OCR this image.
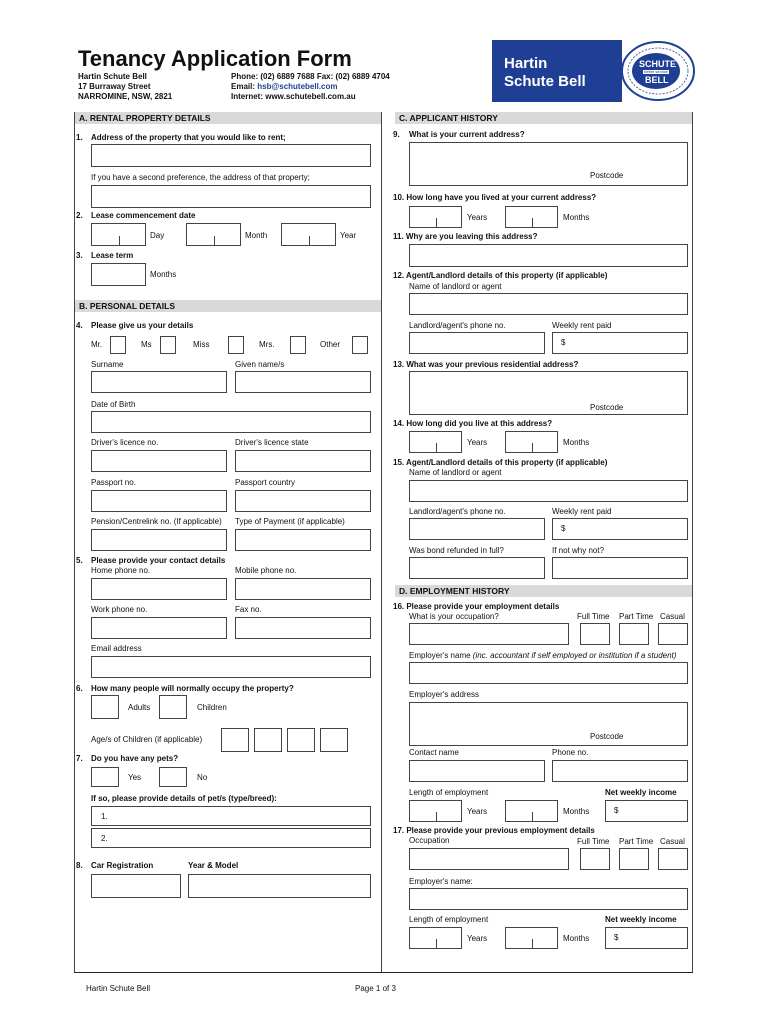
Tenancy Application Form
Hartin Schute Bell
17 Burraway Street
NARROMINE, NSW, 2821
Phone: (02) 6889 7688 Fax: (02) 6889 4704
Email: hsb@schutebell.com
Internet: www.schutebell.com.au
Hartin
Schute Bell
SCHUTE
better service
BELL
A. RENTAL PROPERTY DETAILS
1. Address of the property that you would like to rent;
If you have a second preference, the address of that property;
2. Lease commencement date
Day	Month	Year
3. Lease term
Months
B. PERSONAL DETAILS
4. Please give us your details
Mr.	Ms	Miss	Mrs.	Other
Surname	Given name/s
Date of Birth
Driver's licence no.	Driver's licence state
Passport no.	Passport country
Pension/Centrelink no. (If applicable) Type of Payment (if applicable)
5. Please provide your contact details
Home phone no.	Mobile phone no.
Work phone no.	Fax no.
Email address
6. How many people will normally occupy the property?
Adults	Children
Age/s of Children (if applicable)
7. Do you have any pets?
Yes	No
If so, please provide details of pet/s (type/breed):
1.
2.
8. Car Registration	Year & Model
C. APPLICANT HISTORY
9. What is your current address?
Postcode
10. How long have you lived at your current address?
Years	Months
11. Why are you leaving this address?
12. Agent/Landlord details of this property (if applicable)
Name of landlord or agent
Landlord/agent's phone no.	Weekly rent paid
$
13. What was your previous residential address?
Postcode
14. How long did you live at this address?
Years	Months
15. Agent/Landlord details of this property (if applicable)
Name of landlord or agent
Landlord/agent's phone no.	Weekly rent paid
$
Was bond refunded in full?	If not why not?
D. EMPLOYMENT HISTORY
16. Please provide your employment details
What is your occupation?	Full Time Part Time Casual
Employer's name (inc. accountant if self employed or institution if a student)
Employer's address
Postcode
Contact name	Phone no.
Length of employment	Net weekly income
Years	Months	$
17. Please provide your previous employment details
Occupation	Full Time Part Time Casual
Employer's name:
Length of employment	Net weekly income
Years	Months	$
Hartin Schute Bell	Page 1 of 3
